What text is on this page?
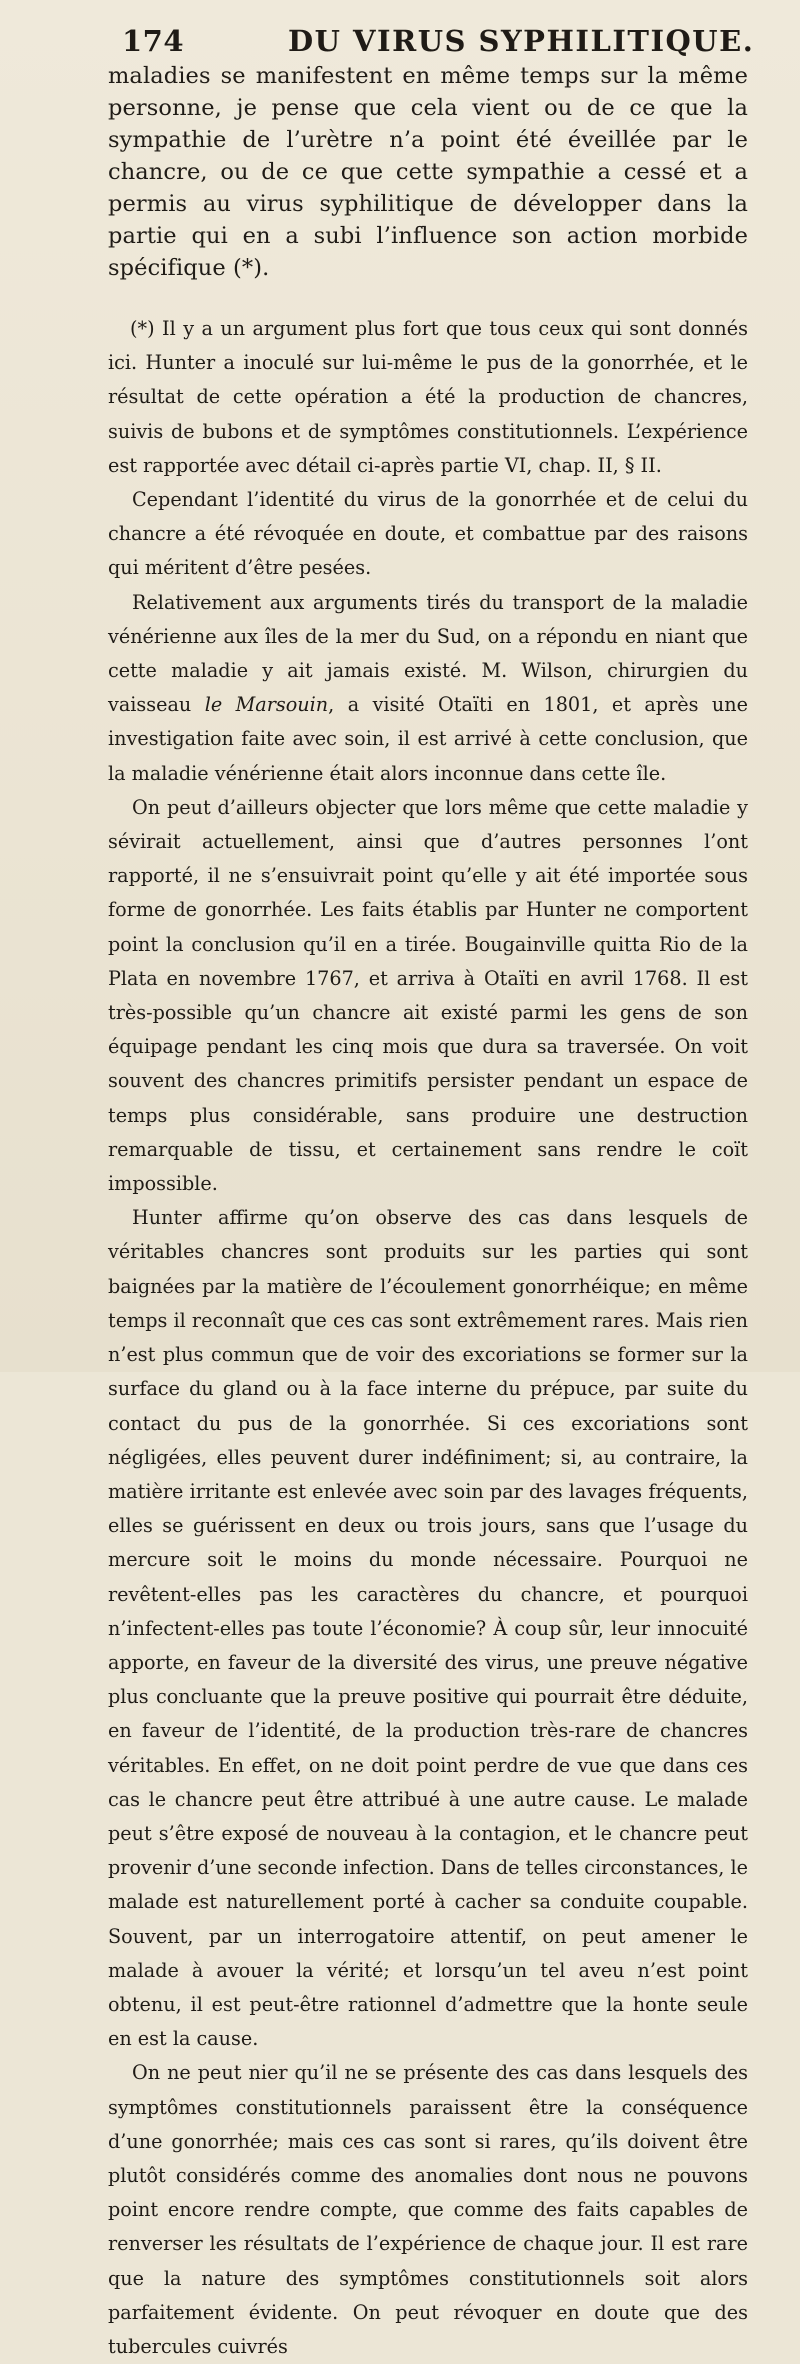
174	DU VIRUS SYPHILITIQUE.

maladies se manifestent en même temps sur la même personne, je pense que cela vient ou de ce que la sympathie de l’urètre n’a point été éveillée par le chancre, ou de ce que cette sympathie a cessé et a permis au virus syphilitique de développer dans la partie qui en a subi l’influence son action morbide spécifique (*).

(*) Il y a un argument plus fort que tous ceux qui sont donnés ici. Hunter a inoculé sur lui-même le pus de la gonorrhée, et le résultat de cette opération a été la production de chancres, suivis de bubons et de symptômes constitutionnels. L’expérience est rapportée avec détail ci-après partie VI, chap. II, § II.

Cependant l’identité du virus de la gonorrhée et de celui du chancre a été révoquée en doute, et combattue par des raisons qui méritent d’être pesées.

Relativement aux arguments tirés du transport de la maladie vénérienne aux îles de la mer du Sud, on a répondu en niant que cette maladie y ait jamais existé. M. Wilson, chirurgien du vaisseau le Marsouin, a visité Otaïti en 1801, et après une investigation faite avec soin, il est arrivé à cette conclusion, que la maladie vénérienne était alors inconnue dans cette île.

On peut d’ailleurs objecter que lors même que cette maladie y sévirait actuellement, ainsi que d’autres personnes l’ont rapporté, il ne s’ensuivrait point qu’elle y ait été importée sous forme de gonorrhée. Les faits établis par Hunter ne comportent point la conclusion qu’il en a tirée. Bougainville quitta Rio de la Plata en novembre 1767, et arriva à Otaïti en avril 1768. Il est très-possible qu’un chancre ait existé parmi les gens de son équipage pendant les cinq mois que dura sa traversée. On voit souvent des chancres primitifs persister pendant un espace de temps plus considérable, sans produire une destruction remarquable de tissu, et certainement sans rendre le coït impossible.

Hunter affirme qu’on observe des cas dans lesquels de véritables chancres sont produits sur les parties qui sont baignées par la matière de l’écoulement gonorrhéique; en même temps il reconnaît que ces cas sont extrêmement rares. Mais rien n’est plus commun que de voir des excoriations se former sur la surface du gland ou à la face interne du prépuce, par suite du contact du pus de la gonorrhée. Si ces excoriations sont négligées, elles peuvent durer indéfiniment; si, au contraire, la matière irritante est enlevée avec soin par des lavages fréquents, elles se guérissent en deux ou trois jours, sans que l’usage du mercure soit le moins du monde nécessaire. Pourquoi ne revêtent-elles pas les caractères du chancre, et pourquoi n’infectent-elles pas toute l’économie? À coup sûr, leur innocuité apporte, en faveur de la diversité des virus, une preuve négative plus concluante que la preuve positive qui pourrait être déduite, en faveur de l’identité, de la production très-rare de chancres véritables. En effet, on ne doit point perdre de vue que dans ces cas le chancre peut être attribué à une autre cause. Le malade peut s’être exposé de nouveau à la contagion, et le chancre peut provenir d’une seconde infection. Dans de telles circonstances, le malade est naturellement porté à cacher sa conduite coupable. Souvent, par un interrogatoire attentif, on peut amener le malade à avouer la vérité; et lorsqu’un tel aveu n’est point obtenu, il est peut-être rationnel d’admettre que la honte seule en est la cause.

On ne peut nier qu’il ne se présente des cas dans lesquels des symptômes constitutionnels paraissent être la conséquence d’une gonorrhée; mais ces cas sont si rares, qu’ils doivent être plutôt considérés comme des anomalies dont nous ne pouvons point encore rendre compte, que comme des faits capables de renverser les résultats de l’expérience de chaque jour. Il est rare que la nature des symptômes constitutionnels soit alors parfaitement évidente. On peut révoquer en doute que des tubercules cuivrés
